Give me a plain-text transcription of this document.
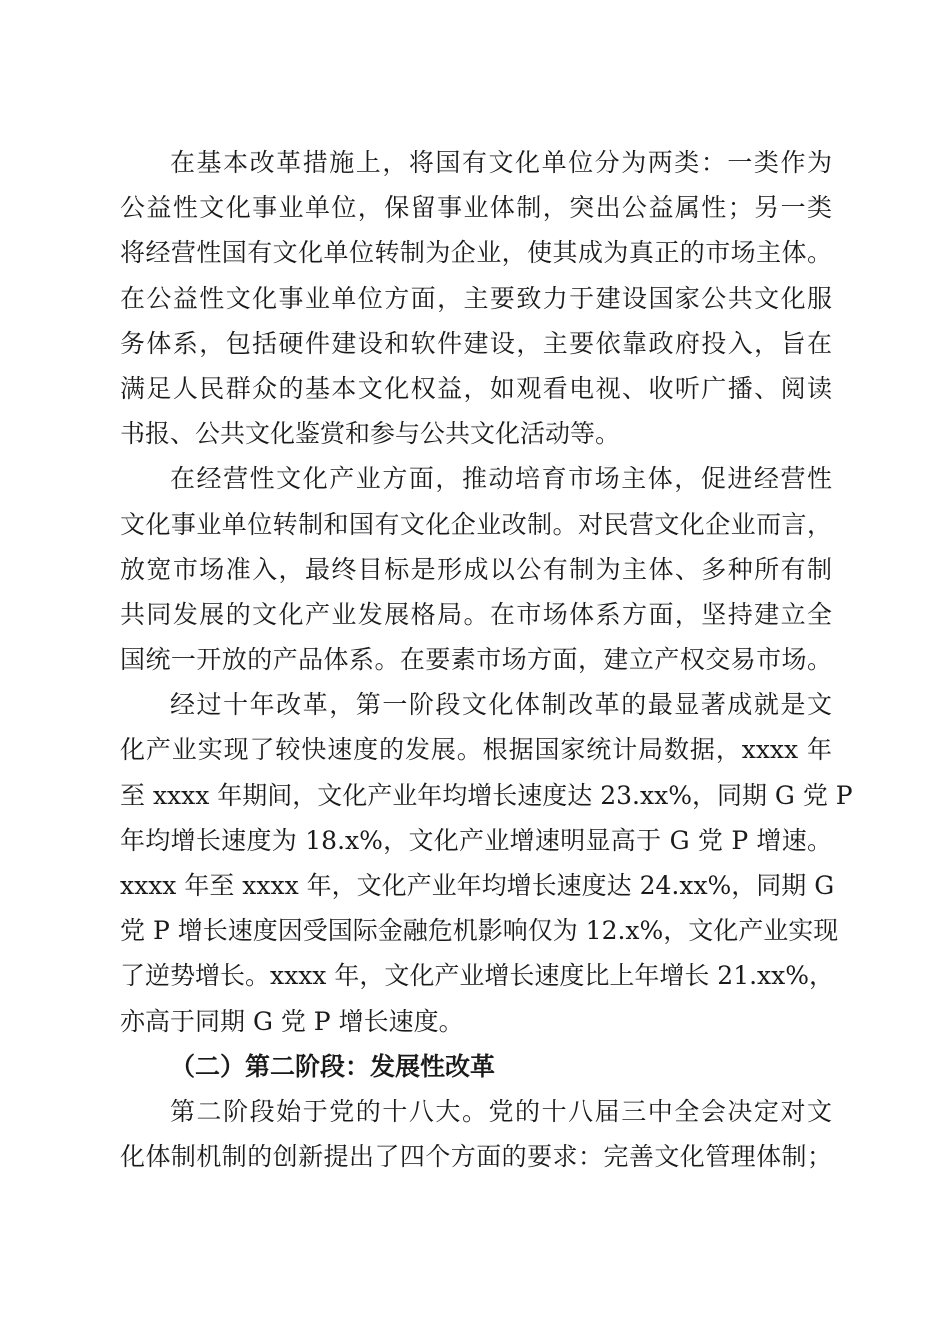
在基本改革措施上，将国有文化单位分为两类：一类作为
公益性文化事业单位，保留事业体制，突出公益属性；另一类
将经营性国有文化单位转制为企业，使其成为真正的市场主体。
在公益性文化事业单位方面，主要致力于建设国家公共文化服
务体系，包括硬件建设和软件建设，主要依靠政府投入，旨在
满足人民群众的基本文化权益，如观看电视、收听广播、阅读
书报、公共文化鉴赏和参与公共文化活动等。
在经营性文化产业方面，推动培育市场主体，促进经营性
文化事业单位转制和国有文化企业改制。对民营文化企业而言，
放宽市场准入，最终目标是形成以公有制为主体、多种所有制
共同发展的文化产业发展格局。在市场体系方面，坚持建立全
国统一开放的产品体系。在要素市场方面，建立产权交易市场。
经过十年改革，第一阶段文化体制改革的最显著成就是文
化产业实现了较快速度的发展。根据国家统计局数据，xxxx 年
至 xxxx 年期间，文化产业年均增长速度达 23.xx%，同期 G 党 P
年均增长速度为 18.x%，文化产业增速明显高于 G 党 P 增速。
xxxx 年至 xxxx 年，文化产业年均增长速度达 24.xx%，同期 G
党 P 增长速度因受国际金融危机影响仅为 12.x%，文化产业实现
了逆势增长。xxxx 年，文化产业增长速度比上年增长 21.xx%，
亦高于同期 G 党 P 增长速度。
（二）第二阶段：发展性改革
第二阶段始于党的十八大。党的十八届三中全会决定对文
化体制机制的创新提出了四个方面的要求：完善文化管理体制；
